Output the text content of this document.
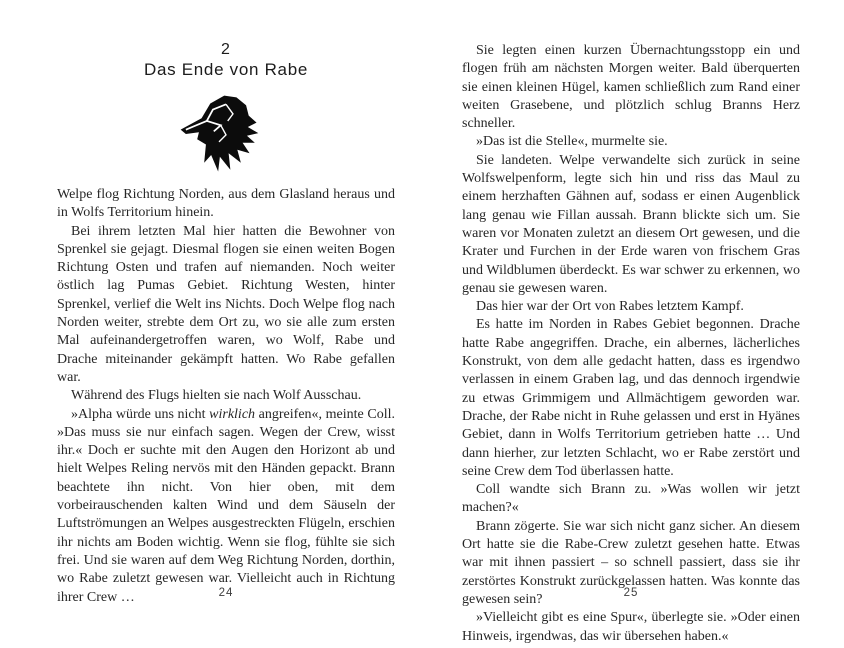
2
Das Ende von Rabe

Welpe flog Richtung Norden, aus dem Glasland heraus und in Wolfs Territorium hinein.

Bei ihrem letzten Mal hier hatten die Bewohner von Sprenkel sie gejagt. Diesmal flogen sie einen weiten Bogen Richtung Osten und trafen auf niemanden. Noch weiter östlich lag Pumas Gebiet. Richtung Westen, hinter Sprenkel, verlief die Welt ins Nichts. Doch Welpe flog nach Norden weiter, strebte dem Ort zu, wo sie alle zum ersten Mal aufeinandergetroffen waren, wo Wolf, Rabe und Drache miteinander gekämpft hatten. Wo Rabe gefallen war.

Während des Flugs hielten sie nach Wolf Ausschau.

»Alpha würde uns nicht wirklich angreifen«, meinte Coll. »Das muss sie nur einfach sagen. Wegen der Crew, wisst ihr.« Doch er suchte mit den Augen den Horizont ab und hielt Welpes Reling nervös mit den Händen gepackt. Brann beachtete ihn nicht. Von hier oben, mit dem vorbeirauschenden kalten Wind und dem Säuseln der Luftströmungen an Welpes ausgestreckten Flügeln, erschien ihr nichts am Boden wichtig. Wenn sie flog, fühlte sie sich frei. Und sie waren auf dem Weg Richtung Norden, dorthin, wo Rabe zuletzt gewesen war. Vielleicht auch in Richtung ihrer Crew …	24

Sie legten einen kurzen Übernachtungsstopp ein und flogen früh am nächsten Morgen weiter. Bald überquerten sie einen kleinen Hügel, kamen schließlich zum Rand einer weiten Grasebene, und plötzlich schlug Branns Herz schneller.

»Das ist die Stelle«, murmelte sie.

Sie landeten. Welpe verwandelte sich zurück in seine Wolfswelpenform, legte sich hin und riss das Maul zu einem herzhaften Gähnen auf, sodass er einen Augenblick lang genau wie Fillan aussah. Brann blickte sich um. Sie waren vor Monaten zuletzt an diesem Ort gewesen, und die Krater und Furchen in der Erde waren von frischem Gras und Wildblumen überdeckt. Es war schwer zu erkennen, wo genau sie gewesen waren.

Das hier war der Ort von Rabes letztem Kampf.

Es hatte im Norden in Rabes Gebiet begonnen. Drache hatte Rabe angegriffen. Drache, ein albernes, lächerliches Konstrukt, von dem alle gedacht hatten, dass es irgendwo verlassen in einem Graben lag, und das dennoch irgendwie zu etwas Grimmigem und Allmächtigem geworden war. Drache, der Rabe nicht in Ruhe gelassen und erst in Hyänes Gebiet, dann in Wolfs Territorium getrieben hatte … Und dann hierher, zur letzten Schlacht, wo er Rabe zerstört und seine Crew dem Tod überlassen hatte.

Coll wandte sich Brann zu. »Was wollen wir jetzt machen?«

Brann zögerte. Sie war sich nicht ganz sicher. An diesem Ort hatte sie die Rabe-Crew zuletzt gesehen hatte. Etwas war mit ihnen passiert – so schnell passiert, dass sie ihr zerstörtes Konstrukt zurückgelassen hatten. Was konnte das gewesen sein?

»Vielleicht gibt es eine Spur«, überlegte sie. »Oder einen Hinweis, irgendwas, das wir übersehen haben.«

25
